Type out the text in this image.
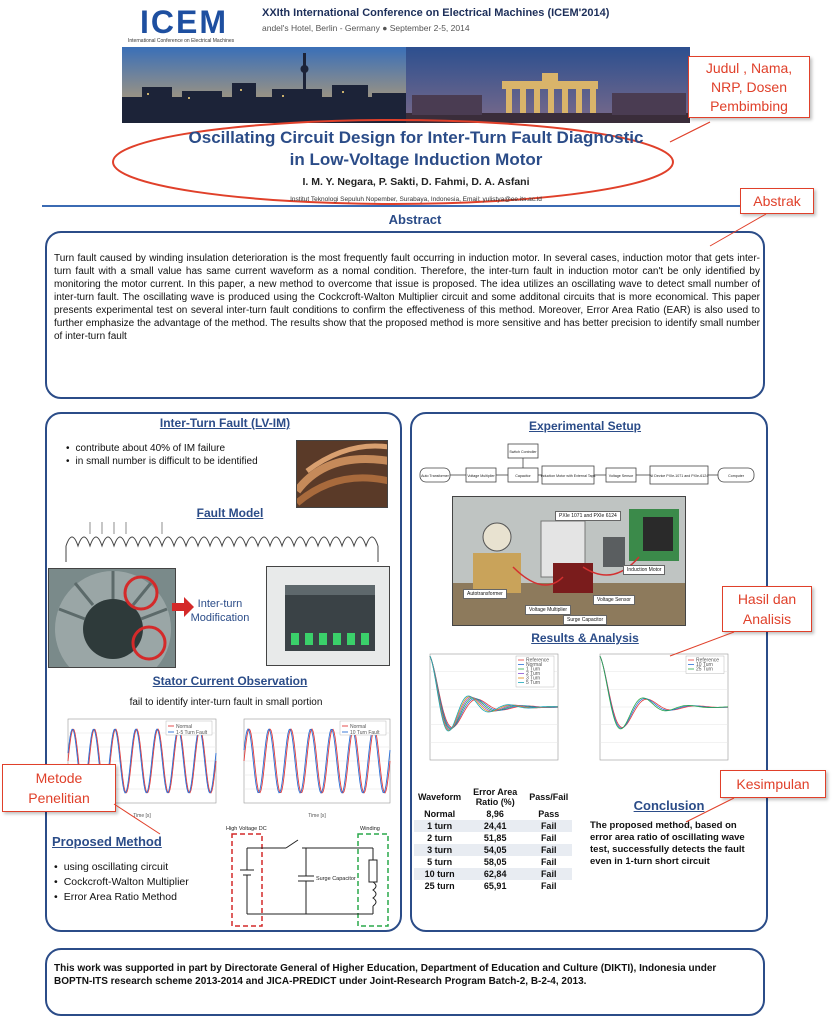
ICEM
International Conference on Electrical Machines
XXIth International Conference on Electrical Machines (ICEM'2014)
andel's Hotel, Berlin - Germany ● September 2-5, 2014
Oscillating Circuit Design for Inter-Turn Fault Diagnostic
in Low-Voltage Induction Motor
I. M. Y. Negara, P. Sakti, D. Fahmi, D. A. Asfani
Institut Teknologi Sepuluh Nopember, Surabaya, Indonesia, Email: yulistya@ee.its.ac.id
Judul , Nama, NRP, Dosen Pembimbing
Abstract
Turn fault caused by winding insulation deterioration is the most frequently fault occurring in induction motor. In several cases, induction motor that gets inter-turn fault with a small value has same current waveform as a nomal condition. Therefore, the inter-turn fault in induction motor can't be only identified by monitoring the motor current. In this paper, a new method to overcome that issue is proposed. The idea utilizes an oscillating wave to detect small number of inter-turn fault. The oscillating wave is produced using the Cockcroft-Walton Multiplier circuit and some additonal circuits that is more economical. This paper presents experimental test on several inter-turn fault conditions to confirm the effectiveness of this method. Moreover, Error Area Ratio (EAR) is also used to further emphasize the advantage of the method. The results show that the proposed method is more sensitive and has better precision to identify small number of inter-turn fault
Abstrak
Inter-Turn Fault (LV-IM)
• contribute about 40% of IM failure
• in small number is difficult to be identified
Fault Model
Inter-turn Modification
Stator Current Observation
fail to identify inter-turn fault in small portion
Normal
1-5 Turn Fault
Time [s]
Normal
10 Turn Fault
Time [s]
Proposed Method
• using oscillating circuit
• Cockcroft-Walton Multiplier
• Error Area Ratio Method
High Voltage DC	Winding
Surge Capacitor
Metode Penelitian
Experimental Setup
Auto Transformer	Voltage Multiplier
Switch Controller
Capacitor	Induction Motor with External Taps	Voltage Sensor	NI Device PXIe-1071 and PXIe-6124	Computer
Autotransformer
Voltage Multiplier
Voltage Sensor
Surge Capacitor
Induction Motor
PXIe 1071 and PXIe 6124
Results & Analysis
Reference
Normal
1 Turn
2 Turn
3 Turn
5 Turn
Reference
10 Turn
25 Turn
Hasil dan Analisis
Waveform	Error Area Ratio (%)	Pass/Fail
Normal	8,96	Pass
1 turn	24,41	Fail
2 turn	51,85	Fail
3 turn	54,05	Fail
5 turn	58,05	Fail
10 turn	62,84	Fail
25 turn	65,91	Fail
Conclusion
The proposed method, based on error area ratio of oscillating wave test, successfully detects the fault even in 1-turn short circuit
Kesimpulan
This work was supported in part by Directorate General of Higher Education, Department of Education and Culture (DIKTI), Indonesia under BOPTN-ITS research scheme 2013-2014 and JICA-PREDICT under Joint-Research Program Batch-2, B-2-4, 2013.
